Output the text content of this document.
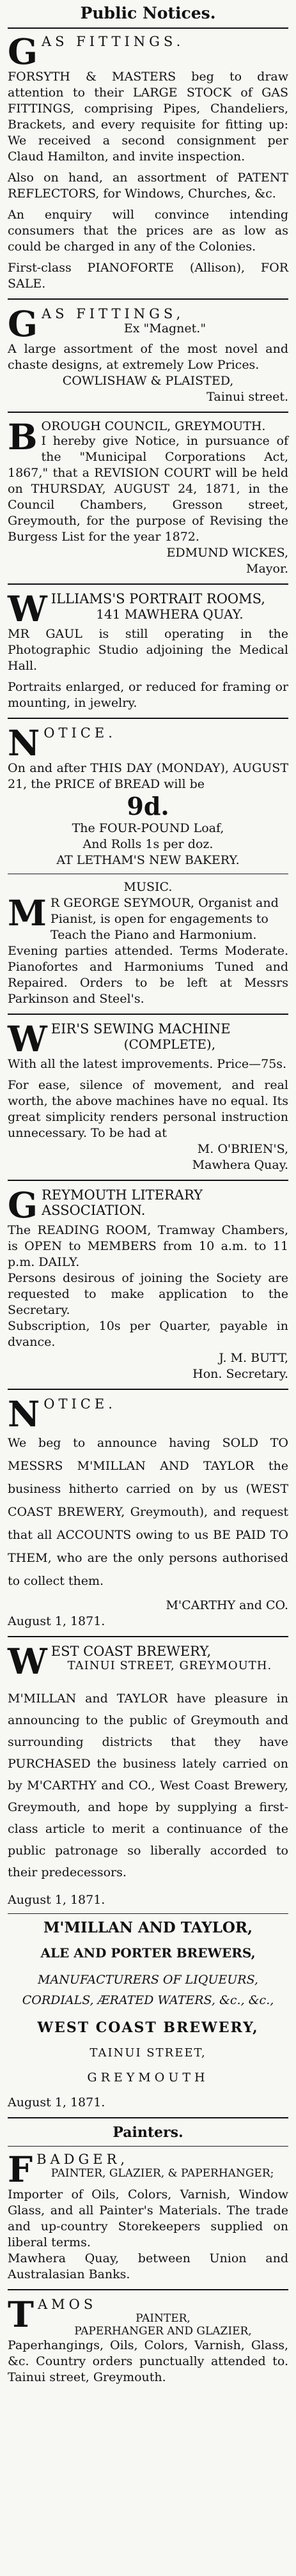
Public Notices.
G AS FITTINGS.

FORSYTH & MASTERS beg to draw attention to their LARGE STOCK of GAS FITTINGS, comprising Pipes, Chandeliers, Brackets, and every requisite for fitting up: We received a second consignment per Claud Hamilton, and invite inspection.

Also on hand, an assortment of PATENT REFLECTORS, for Windows, Churches, &c.

An enquiry will convince intending consumers that the prices are as low as could be charged in any of the Colonies.

First-class PIANOFORTE (Allison), FOR SALE.

G AS FITTINGS,
Ex "Magnet."

A large assortment of the most novel and chaste designs, at extremely Low Prices.

COWLISHAW & PLAISTED,

Tainui street.

B OROUGH COUNCIL, GREYMOUTH.

I hereby give Notice, in pursuance of the "Municipal Corporations Act, 1867," that a REVISION COURT will be held on THURSDAY, AUGUST 24, 1871, in the Council Chambers, Gresson street, Greymouth, for the purpose of Revising the Burgess List for the year 1872.

EDMUND WICKES,

Mayor.

W ILLIAMS'S PORTRAIT ROOMS,
141 MAWHERA QUAY.

MR GAUL is still operating in the Photographic Studio adjoining the Medical Hall.

Portraits enlarged, or reduced for framing or mounting, in jewelry.

N OTICE.

On and after THIS DAY (MONDAY), AUGUST 21, the PRICE of BREAD will be

9d.

The FOUR-POUND Loaf,

And Rolls 1s per doz.

AT LETHAM'S NEW BAKERY.

MUSIC.

M R GEORGE SEYMOUR, Organist and Pianist, is open for engagements to Teach the Piano and Harmonium.

Evening parties attended. Terms Moderate. Pianofortes and Harmoniums Tuned and Repaired. Orders to be left at Messrs Parkinson and Steel's.

W EIR'S SEWING MACHINE
(COMPLETE),

With all the latest improvements. Price—75s.

For ease, silence of movement, and real worth, the above machines have no equal. Its great simplicity renders personal instruction unnecessary. To be had at

M. O'BRIEN'S,

Mawhera Quay.

G REYMOUTH LITERARY ASSOCIATION.

The READING ROOM, Tramway Chambers, is OPEN to MEMBERS from 10 a.m. to 11 p.m. DAILY.

Persons desirous of joining the Society are requested to make application to the Secretary.

Subscription, 10s per Quarter, payable in dvance.

J. M. BUTT,

Hon. Secretary.

N OTICE.

We beg to announce having SOLD TO MESSRS M'MILLAN AND TAYLOR the business hitherto carried on by us (WEST COAST BREWERY, Greymouth), and request that all ACCOUNTS owing to us BE PAID TO THEM, who are the only persons authorised to collect them.

M'CARTHY and CO.

August 1, 1871.

W EST COAST BREWERY,
TAINUI STREET, GREYMOUTH.

M'MILLAN and TAYLOR have pleasure in announcing to the public of Greymouth and surrounding districts that they have PURCHASED the business lately carried on by M'CARTHY and CO., West Coast Brewery, Greymouth, and hope by supplying a first-class article to merit a continuance of the public patronage so liberally accorded to their predecessors.

August 1, 1871.

M'MILLAN AND TAYLOR,

ALE AND PORTER BREWERS,

MANUFACTURERS OF LIQUEURS, CORDIALS, ÆRATED WATERS, &c., &c.,

WEST COAST BREWERY,

TAINUI STREET,

GREYMOUTH

August 1, 1871.

Painters.

F BADGER,
PAINTER, GLAZIER, & PAPERHANGER;

Importer of Oils, Colors, Varnish, Window Glass, and all Painter's Materials. The trade and up-country Storekeepers supplied on liberal terms.

Mawhera Quay, between Union and Australasian Banks.

T AMOS
PAINTER,
PAPERHANGER AND GLAZIER,

Paperhangings, Oils, Colors, Varnish, Glass, &c. Country orders punctually attended to. Tainui street, Greymouth.
